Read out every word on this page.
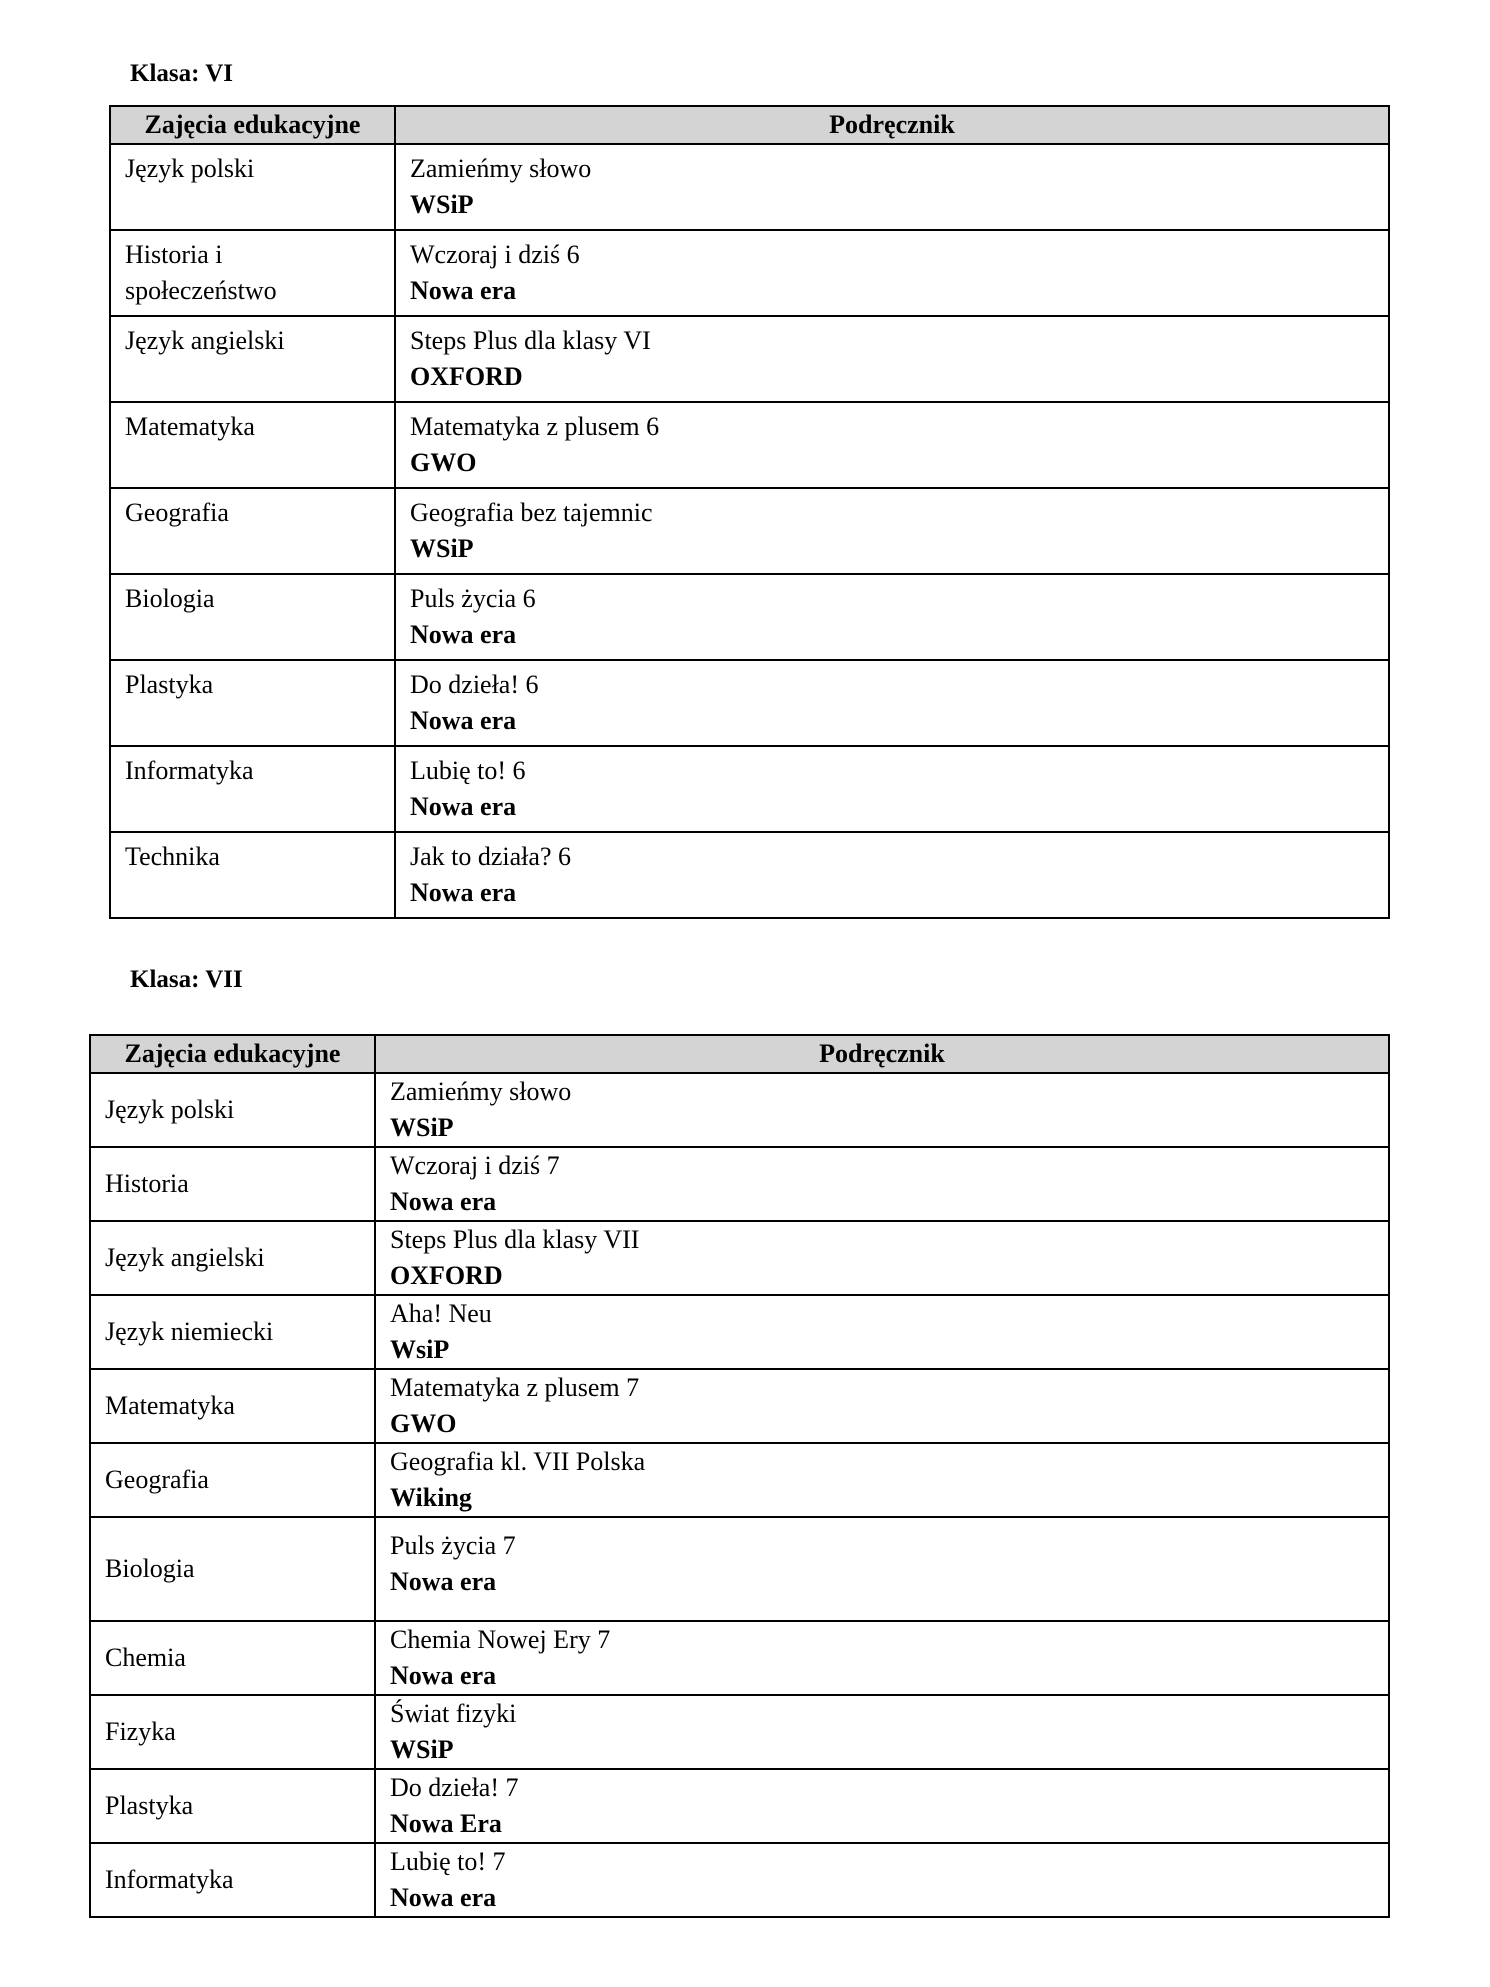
Klasa: VI
Zajęcia edukacyjne	Podręcznik
Język polski	Zamieńmy słowo
WSiP

Historia i społeczeństwo	Wczoraj i dziś 6
Nowa era

Język angielski	Steps Plus dla klasy VI
OXFORD

Matematyka	Matematyka z plusem 6
GWO

Geografia	Geografia bez tajemnic
WSiP

Biologia	Puls życia 6
Nowa era

Plastyka	Do dzieła! 6
Nowa era

Informatyka	Lubię to! 6
Nowa era

Technika	Jak to działa? 6
Nowa era
Klasa: VII
Zajęcia edukacyjne	Podręcznik
Język polski	Zamieńmy słowo
WSiP

Historia	Wczoraj i dziś 7
Nowa era

Język angielski	Steps Plus dla klasy VII
OXFORD

Język niemiecki	Aha! Neu
WsiP

Matematyka	Matematyka z plusem 7
GWO

Geografia	Geografia kl. VII Polska
Wiking

Biologia	Puls życia 7
Nowa era

Chemia	Chemia Nowej Ery 7
Nowa era

Fizyka	Świat fizyki
WSiP

Plastyka	Do dzieła! 7
Nowa Era

Informatyka	Lubię to! 7
Nowa era
